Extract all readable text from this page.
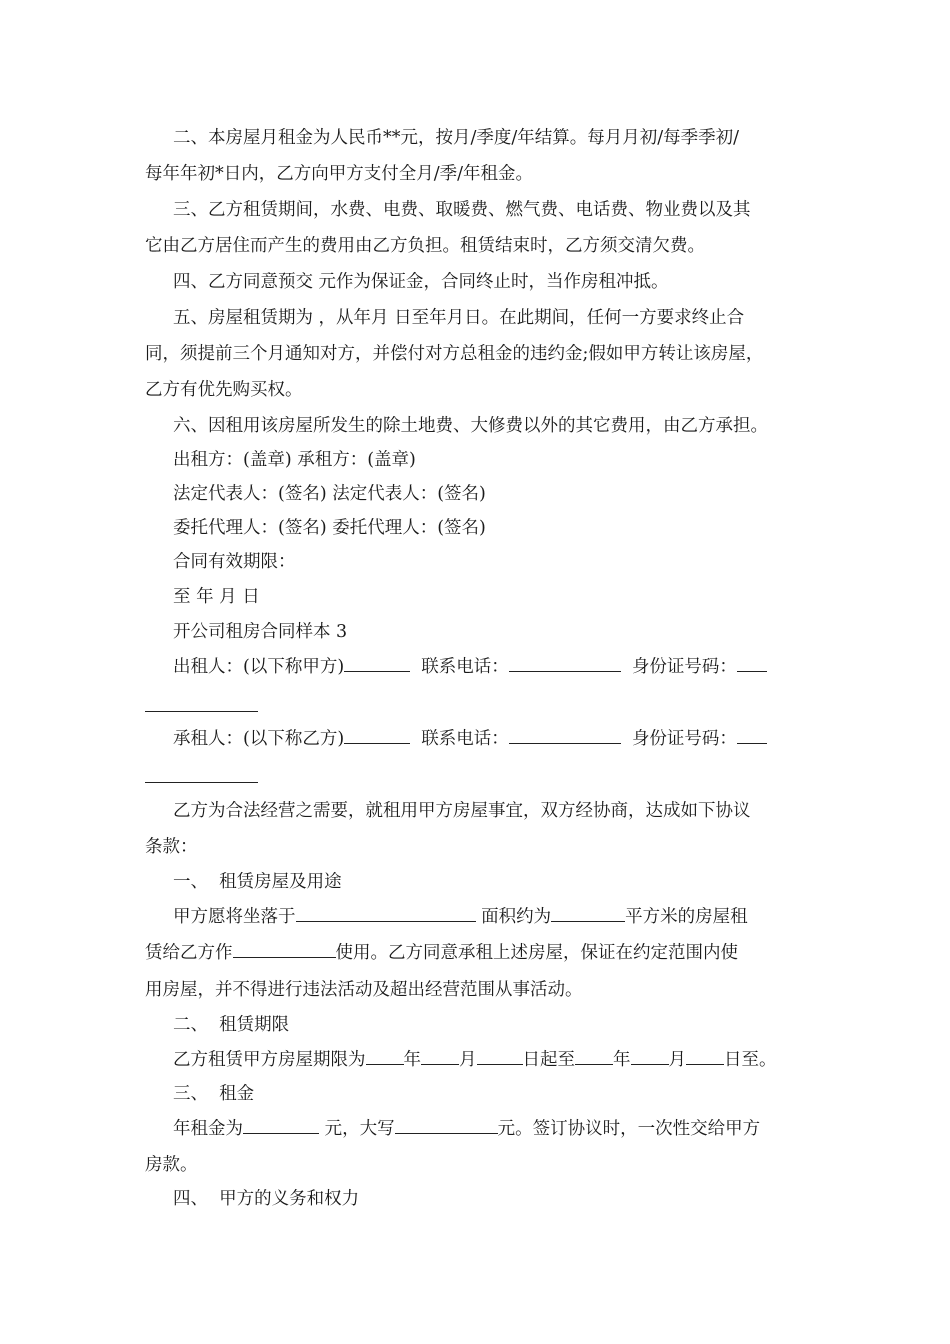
二、本房屋月租金为人民币**元，按月/季度/年结算。每月月初/每季季初/
每年年初*日内，乙方向甲方支付全月/季/年租金。
三、乙方租赁期间，水费、电费、取暖费、燃气费、电话费、物业费以及其
它由乙方居住而产生的费用由乙方负担。租赁结束时，乙方须交清欠费。
四、乙方同意预交 元作为保证金，合同终止时，当作房租冲抵。
五、房屋租赁期为 ，从年月 日至年月日。在此期间，任何一方要求终止合
同，须提前三个月通知对方，并偿付对方总租金的违约金;假如甲方转让该房屋，
乙方有优先购买权。
六、因租用该房屋所发生的除土地费、大修费以外的其它费用，由乙方承担。
出租方：(盖章) 承租方：(盖章)
法定代表人：(签名) 法定代表人：(签名)
委托代理人：(签名) 委托代理人：(签名)
合同有效期限：
至 年 月 日
开公司租房合同样本 3
出租人：(以下称甲方)	联系电话：	身份证号码：
承租人：(以下称乙方)	联系电话：	身份证号码：
乙方为合法经营之需要，就租用甲方房屋事宜，双方经协商，达成如下协议
条款：
一、  租赁房屋及用途
甲方愿将坐落于	面积约为	平方米的房屋租
赁给乙方作	使用。乙方同意承租上述房屋，保证在约定范围内使
用房屋，并不得进行违法活动及超出经营范围从事活动。
二、  租赁期限
乙方租赁甲方房屋期限为 年 月	日起至 年 月 日至。
三、  租金
年租金为	元，大写	元。签订协议时，一次性交给甲方
房款。
四、  甲方的义务和权力
